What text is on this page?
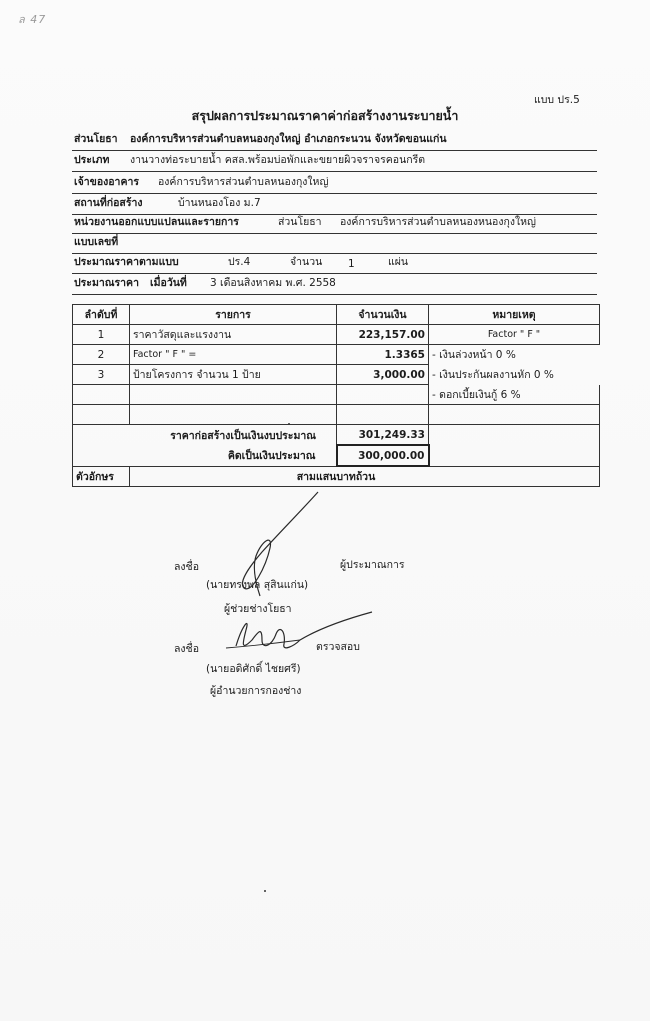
ล 47
แบบ ปร.5
สรุปผลการประมาณราคาค่าก่อสร้างงานระบายน้ำ
ส่วนโยธา องค์การบริหารส่วนตำบลหนองกุงใหญ่ อำเภอกระนวน จังหวัดขอนแก่น
ประเภท งานวางท่อระบายน้ำ คสล.พร้อมบ่อพักและขยายผิวจราจรคอนกรีต
เจ้าของอาคาร องค์การบริหารส่วนตำบลหนองกุงใหญ่
สถานที่ก่อสร้าง	บ้านหนองโอง ม.7
หน่วยงานออกแบบแปลนและรายการ	ส่วนโยธา องค์การบริหารส่วนตำบลหนองหนองกุงใหญ่
แบบเลขที่
ประมาณราคาตามแบบ	ปร.4	จำนวน 1	แผ่น
ประมาณราคา เมื่อวันที่ 3 เดือนสิงหาคม พ.ศ. 2558
ลำดับที่	รายการ	จำนวนเงิน	หมายเหตุ
1	ราคาวัสดุและแรงงาน	223,157.00	Factor " F "
2	Factor " F " =	1.3365	- เงินล่วงหน้า 0 %
3	ป้ายโครงการ จำนวน 1 ป้าย	3,000.00	- เงินประกันผลงานหัก 0 %
			- ดอกเบี้ยเงินกู้ 6 %

ราคาก่อสร้างเป็นเงินงบประมาณ		301,249.33	
คิดเป็นเงินประมาณ		300,000.00	
ตัวอักษร	สามแสนบาทถ้วน		
ลงชื่อ	ผู้ประมาณการ
(นายทรงพล สุสินแก่น)
ผู้ช่วยช่างโยธา
ลงชื่อ	ตรวจสอบ
(นายอดิศักดิ์ ไชยศรี)
ผู้อำนวยการกองช่าง
